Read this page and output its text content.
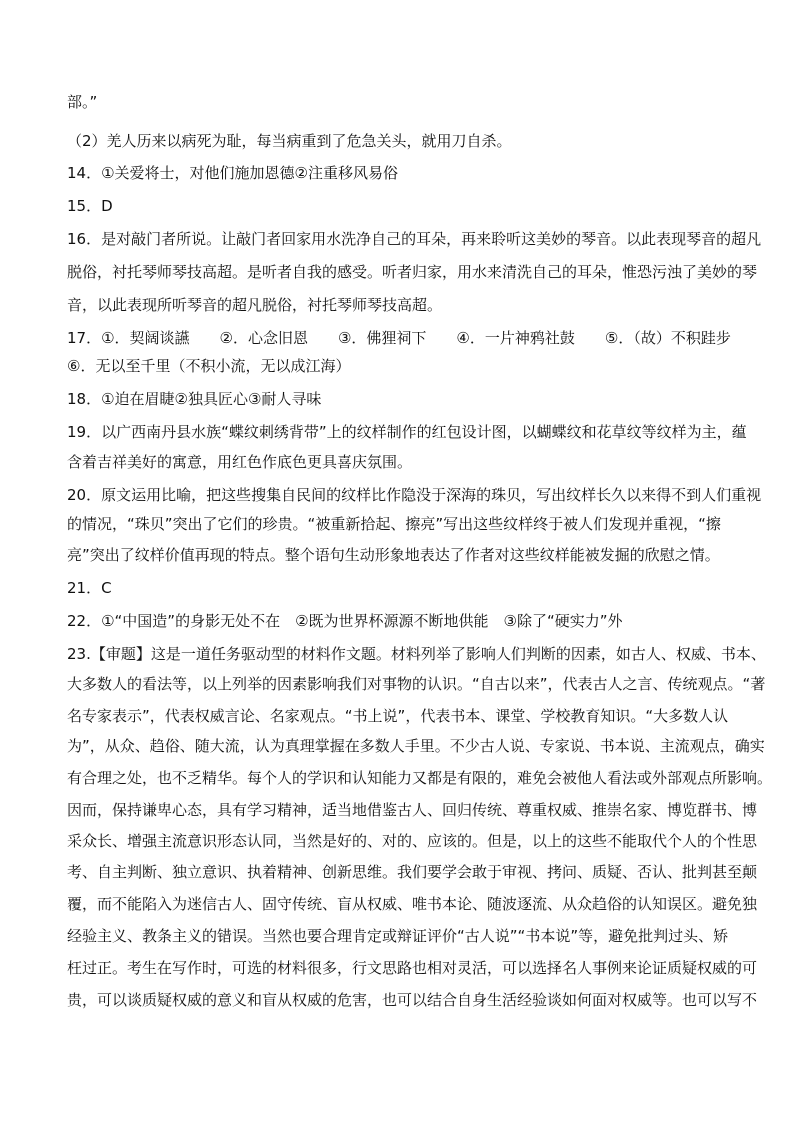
部。”
（2）羌人历来以病死为耻，每当病重到了危急关头，就用刀自杀。
14．①关爱将士，对他们施加恩德②注重移风易俗
15．D
16．是对敲门者所说。让敲门者回家用水洗净自己的耳朵，再来聆听这美妙的琴音。以此表现琴音的超凡
脱俗，衬托琴师琴技高超。是听者自我的感受。听者归家，用水来清洗自己的耳朵，惟恐污浊了美妙的琴
音，以此表现所听琴音的超凡脱俗，衬托琴师琴技高超。
17．①．契阔谈讌　　②．心念旧恩　　③．佛狸祠下　　④．一片神鸦社鼓　　⑤．（故）不积跬步
⑥．无以至千里（不积小流，无以成江海）
18．①迫在眉睫②独具匠心③耐人寻味
19．以广西南丹县水族“蝶纹刺绣背带”上的纹样制作的红包设计图，以蝴蝶纹和花草纹等纹样为主，蕴
含着吉祥美好的寓意，用红色作底色更具喜庆氛围。
20．原文运用比喻，把这些搜集自民间的纹样比作隐没于深海的珠贝，写出纹样长久以来得不到人们重视
的情况，“珠贝”突出了它们的珍贵。“被重新拾起、擦亮”写出这些纹样终于被人们发现并重视，“擦
亮”突出了纹样价值再现的特点。整个语句生动形象地表达了作者对这些纹样能被发掘的欣慰之情。
21．C
22．①“中国造”的身影无处不在　②既为世界杯源源不断地供能　③除了“硬实力”外
23.【审题】这是一道任务驱动型的材料作文题。材料列举了影响人们判断的因素，如古人、权威、书本、
大多数人的看法等，以上列举的因素影响我们对事物的认识。“自古以来”，代表古人之言、传统观点。“著
名专家表示”，代表权威言论、名家观点。“书上说”，代表书本、课堂、学校教育知识。“大多数人认
为”，从众、趋俗、随大流，认为真理掌握在多数人手里。不少古人说、专家说、书本说、主流观点，确实
有合理之处，也不乏精华。每个人的学识和认知能力又都是有限的，难免会被他人看法或外部观点所影响。
因而，保持谦卑心态，具有学习精神，适当地借鉴古人、回归传统、尊重权威、推崇名家、博览群书、博
采众长、增强主流意识形态认同，当然是好的、对的、应该的。但是，以上的这些不能取代个人的个性思
考、自主判断、独立意识、执着精神、创新思维。我们要学会敢于审视、拷问、质疑、否认、批判甚至颠
覆，而不能陷入为迷信古人、固守传统、盲从权威、唯书本论、随波逐流、从众趋俗的认知误区。避免独
经验主义、教条主义的错误。当然也要合理肯定或辩证评价“古人说”“书本说”等，避免批判过头、矫
枉过正。考生在写作时，可选的材料很多，行文思路也相对灵活，可以选择名人事例来论证质疑权威的可
贵，可以谈质疑权威的意义和盲从权威的危害，也可以结合自身生活经验谈如何面对权威等。也可以写不
